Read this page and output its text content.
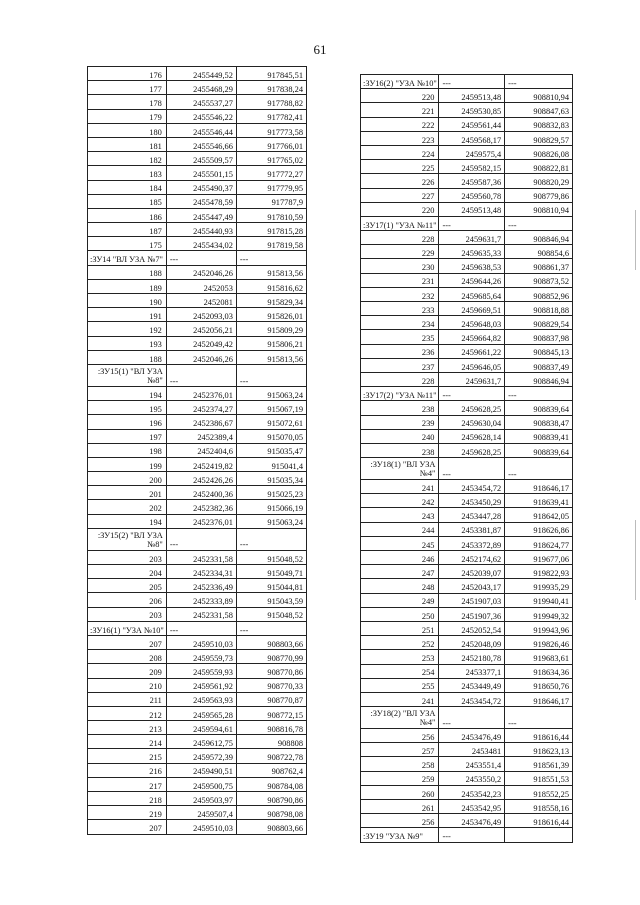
61
176	2455449,52	917845,51
177	2455468,29	917838,24
178	2455537,27	917788,82
179	2455546,22	917782,41
180	2455546,44	917773,58
181	2455546,66	917766,01
182	2455509,57	917765,02
183	2455501,15	917772,27
184	2455490,37	917779,95
185	2455478,59	917787,9
186	2455447,49	917810,59
187	2455440,93	917815,28
175	2455434,02	917819,58
:ЗУ14 "ВЛ УЗА №7"	---	---
188	2452046,26	915813,56
189	2452053	915816,62
190	2452081	915829,34
191	2452093,03	915826,01
192	2452056,21	915809,29
193	2452049,42	915806,21
188	2452046,26	915813,56
:ЗУ15(1) "ВЛ УЗА №8"	---	---
194	2452376,01	915063,24
195	2452374,27	915067,19
196	2452386,67	915072,61
197	2452389,4	915070,05
198	2452404,6	915035,47
199	2452419,82	915041,4
200	2452426,26	915035,34
201	2452400,36	915025,23
202	2452382,36	915066,19
194	2452376,01	915063,24
:ЗУ15(2) "ВЛ УЗА №8"	---	---
203	2452331,58	915048,52
204	2452334,31	915049,71
205	2452336,49	915044,81
206	2452333,89	915043,59
203	2452331,58	915048,52
:ЗУ16(1) "УЗА №10"	---	---
207	2459510,03	908803,66
208	2459559,73	908770,99
209	2459559,93	908770,86
210	2459561,92	908770,33
211	2459563,93	908770,87
212	2459565,28	908772,15
213	2459594,61	908816,78
214	2459612,75	908808
215	2459572,39	908722,78
216	2459490,51	908762,4
217	2459500,75	908784,08
218	2459503,97	908790,86
219	2459507,4	908798,08
207	2459510,03	908803,66
:ЗУ16(2) "УЗА №10"	---	---
220	2459513,48	908810,94
221	2459530,85	908847,63
222	2459561,44	908832,83
223	2459568,17	908829,57
224	2459575,4	908826,08
225	2459582,15	908822,81
226	2459587,36	908820,29
227	2459560,78	908779,86
220	2459513,48	908810,94
:ЗУ17(1) "УЗА №11"	---	---
228	2459631,7	908846,94
229	2459635,33	908854,6
230	2459638,53	908861,37
231	2459644,26	908873,52
232	2459685,64	908852,96
233	2459669,51	908818,88
234	2459648,03	908829,54
235	2459664,82	908837,98
236	2459661,22	908845,13
237	2459646,05	908837,49
228	2459631,7	908846,94
:ЗУ17(2) "УЗА №11"	---	---
238	2459628,25	908839,64
239	2459630,04	908838,47
240	2459628,14	908839,41
238	2459628,25	908839,64
:ЗУ18(1) "ВЛ УЗА №4"	---	---
241	2453454,72	918646,17
242	2453450,29	918639,41
243	2453447,28	918642,05
244	2453381,87	918626,86
245	2453372,89	918624,77
246	2452174,62	919677,06
247	2452039,07	919822,93
248	2452043,17	919935,29
249	2451907,03	919940,41
250	2451907,36	919949,32
251	2452052,54	919943,96
252	2452048,09	919826,46
253	2452180,78	919683,61
254	2453377,1	918634,36
255	2453449,49	918650,76
241	2453454,72	918646,17
:ЗУ18(2) "ВЛ УЗА №4"	---	---
256	2453476,49	918616,44
257	2453481	918623,13
258	2453551,4	918561,39
259	2453550,2	918551,53
260	2453542,23	918552,25
261	2453542,95	918558,16
256	2453476,49	918616,44
:ЗУ19 "УЗА №9"	---	
